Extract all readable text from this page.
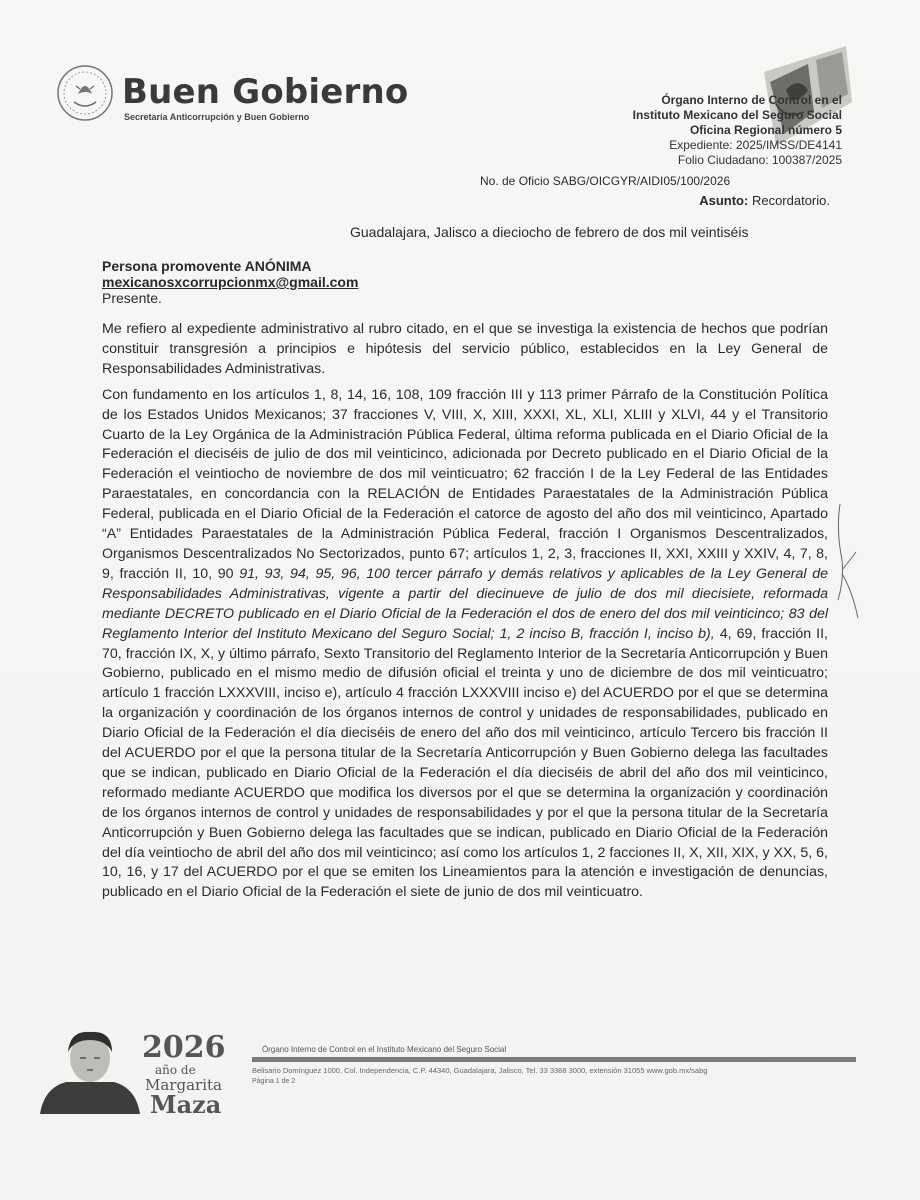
Buen Gobierno
Secretaría Anticorrupción y Buen Gobierno
Órgano Interno de Control en el
Instituto Mexicano del Seguro Social
Oficina Regional número 5
Expediente: 2025/IMSS/DE4141
Folio Ciudadano: 100387/2025
No. de Oficio SABG/OICGYR/AIDI05/100/2026
Asunto: Recordatorio.
Guadalajara, Jalisco a dieciocho de febrero de dos mil veintiséis
Persona promovente ANÓNIMA
mexicanosxcorrupcionmx@gmail.com
Presente.

Me refiero al expediente administrativo al rubro citado, en el que se investiga la existencia de hechos que podrían constituir transgresión a principios e hipótesis del servicio público, establecidos en la Ley General de Responsabilidades Administrativas.

Con fundamento en los artículos 1, 8, 14, 16, 108, 109 fracción III y 113 primer Párrafo de la Constitución Política de los Estados Unidos Mexicanos; 37 fracciones V, VIII, X, XIII, XXXI, XL, XLI, XLIII y XLVI, 44 y el Transitorio Cuarto de la Ley Orgánica de la Administración Pública Federal, última reforma publicada en el Diario Oficial de la Federación el dieciséis de julio de dos mil veinticinco, adicionada por Decreto publicado en el Diario Oficial de la Federación el veintiocho de noviembre de dos mil veinticuatro; 62 fracción I de la Ley Federal de las Entidades Paraestatales, en concordancia con la RELACIÓN de Entidades Paraestatales de la Administración Pública Federal, publicada en el Diario Oficial de la Federación el catorce de agosto del año dos mil veinticinco, Apartado “A” Entidades Paraestatales de la Administración Pública Federal, fracción I Organismos Descentralizados, Organismos Descentralizados No Sectorizados, punto 67; artículos 1, 2, 3, fracciones II, XXI, XXIII y XXIV, 4, 7, 8, 9, fracción II, 10, 90 91, 93, 94, 95, 96, 100 tercer párrafo y demás relativos y aplicables de la Ley General de Responsabilidades Administrativas, vigente a partir del diecinueve de julio de dos mil diecisiete, reformada mediante DECRETO publicado en el Diario Oficial de la Federación el dos de enero del dos mil veinticinco; 83 del Reglamento Interior del Instituto Mexicano del Seguro Social; 1, 2 inciso B, fracción I, inciso b), 4, 69, fracción II, 70, fracción IX, X, y último párrafo, Sexto Transitorio del Reglamento Interior de la Secretaría Anticorrupción y Buen Gobierno, publicado en el mismo medio de difusión oficial el treinta y uno de diciembre de dos mil veinticuatro; artículo 1 fracción LXXXVIII, inciso e), artículo 4 fracción LXXXVIII inciso e) del ACUERDO por el que se determina la organización y coordinación de los órganos internos de control y unidades de responsabilidades, publicado en Diario Oficial de la Federación el día dieciséis de enero del año dos mil veinticinco, artículo Tercero bis fracción II del ACUERDO por el que la persona titular de la Secretaría Anticorrupción y Buen Gobierno delega las facultades que se indican, publicado en Diario Oficial de la Federación el día dieciséis de abril del año dos mil veinticinco, reformado mediante ACUERDO que modifica los diversos por el que se determina la organización y coordinación de los órganos internos de control y unidades de responsabilidades y por el que la persona titular de la Secretaría Anticorrupción y Buen Gobierno delega las facultades que se indican, publicado en Diario Oficial de la Federación del día veintiocho de abril del año dos mil veinticinco; así como los artículos 1, 2 facciones II, X, XII, XIX, y XX, 5, 6, 10, 16, y 17 del ACUERDO por el que se emiten los Lineamientos para la atención e investigación de denuncias, publicado en el Diario Oficial de la Federación el siete de junio de dos mil veinticuatro.

2026
año de
Margarita
Maza
Órgano Interno de Control en el Instituto Mexicano del Seguro Social
Belisario Domínguez 1000, Col. Independencia, C.P. 44340, Guadalajara, Jalisco, Tel. 33 3368 3000, extensión 31055 www.gob.mx/sabg
Página 1 de 2
